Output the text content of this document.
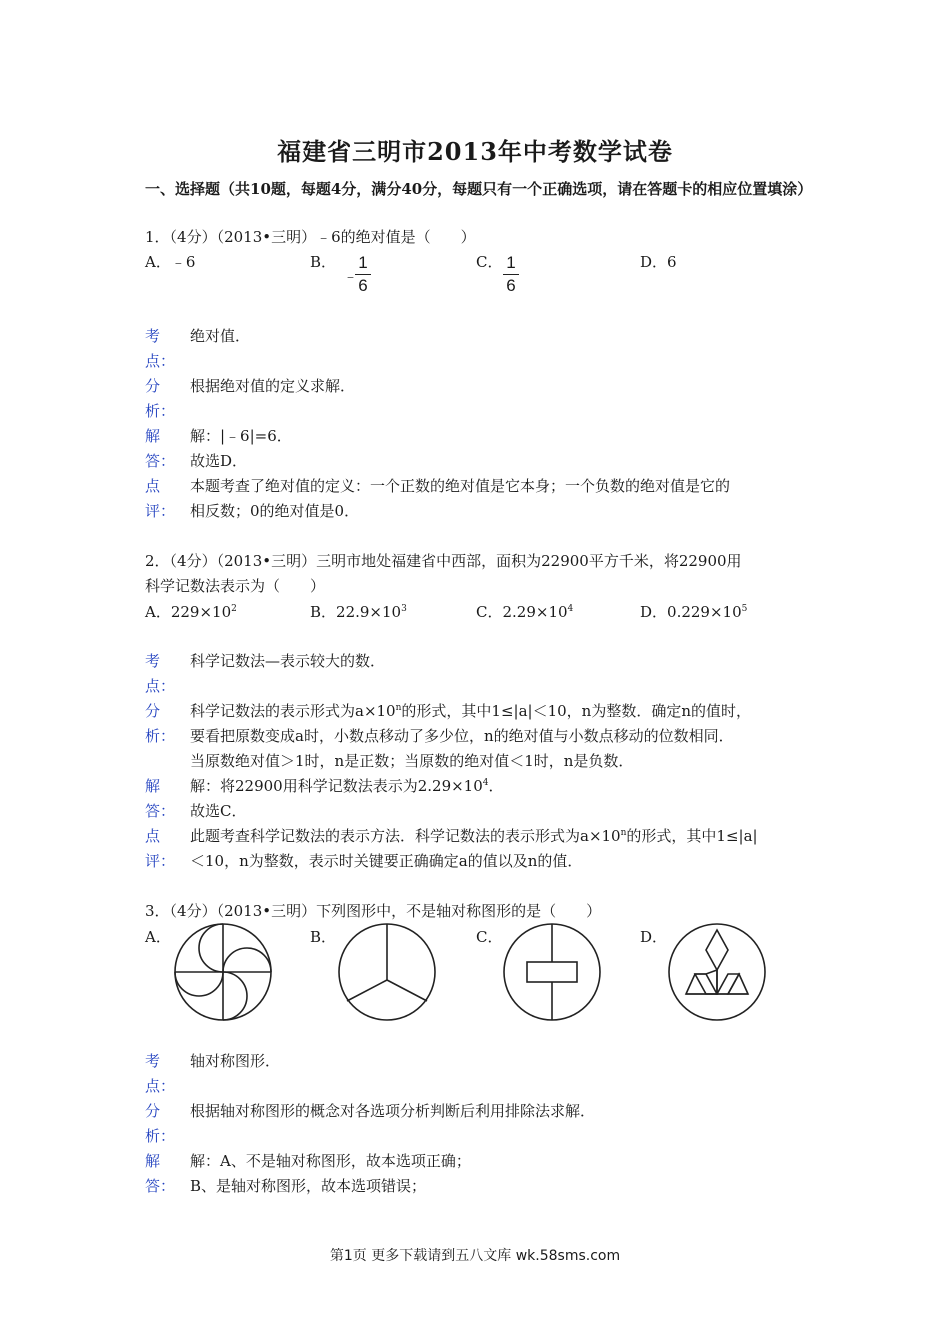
福建省三明市2013年中考数学试卷
一、选择题（共10题，每题4分，满分40分，每题只有一个正确选项，请在答题卡的相应位置填涂）
1．（4分）（2013•三明）﹣6的绝对值是（　　）
A．﹣6	B．
﹣
1
6
C． 1
6
D．6
考
点：
绝对值．
分
析：
根据绝对值的定义求解．
解
答：
解：|﹣6|=6．
故选D．
点
评：
本题考查了绝对值的定义：一个正数的绝对值是它本身；一个负数的绝对值是它的
相反数；0的绝对值是0．
2．（4分）（2013•三明）三明市地处福建省中西部，面积为22900平方千米，将22900用
科学记数法表示为（　　）
A．$229\times 10^2$	B．$22.9\times 10^3$	C．$2.29\times 10^4$	D．$0.229\times 10^5$
考
点：
科学记数法—表示较大的数．
分
析：
科学记数法的表示形式为$a\times 10^n$的形式，其中1≤|a|＜10，n为整数．确定n的值时，
要看把原数变成a时，小数点移动了多少位，n的绝对值与小数点移动的位数相同．
当原数绝对值＞1时，n是正数；当原数的绝对值＜1时，n是负数．
解
答：
解：将22900用科学记数法表示为$2.29\times 10^4$．
故选C．
点
评：
此题考查科学记数法的表示方法．科学记数法的表示形式为$a\times 10^n$的形式，其中1≤|a|
＜10，n为整数，表示时关键要正确确定a的值以及n的值．
3．（4分）（2013•三明）下列图形中，不是轴对称图形的是（　　）
A．	B．	C．	D．
考
点：
轴对称图形．
分
析：
根据轴对称图形的概念对各选项分析判断后利用排除法求解．
解
答：
解：A、不是轴对称图形，故本选项正确；
B、是轴对称图形，故本选项错误；
第1页 更多下载请到五八文库 wk.58sms.com
